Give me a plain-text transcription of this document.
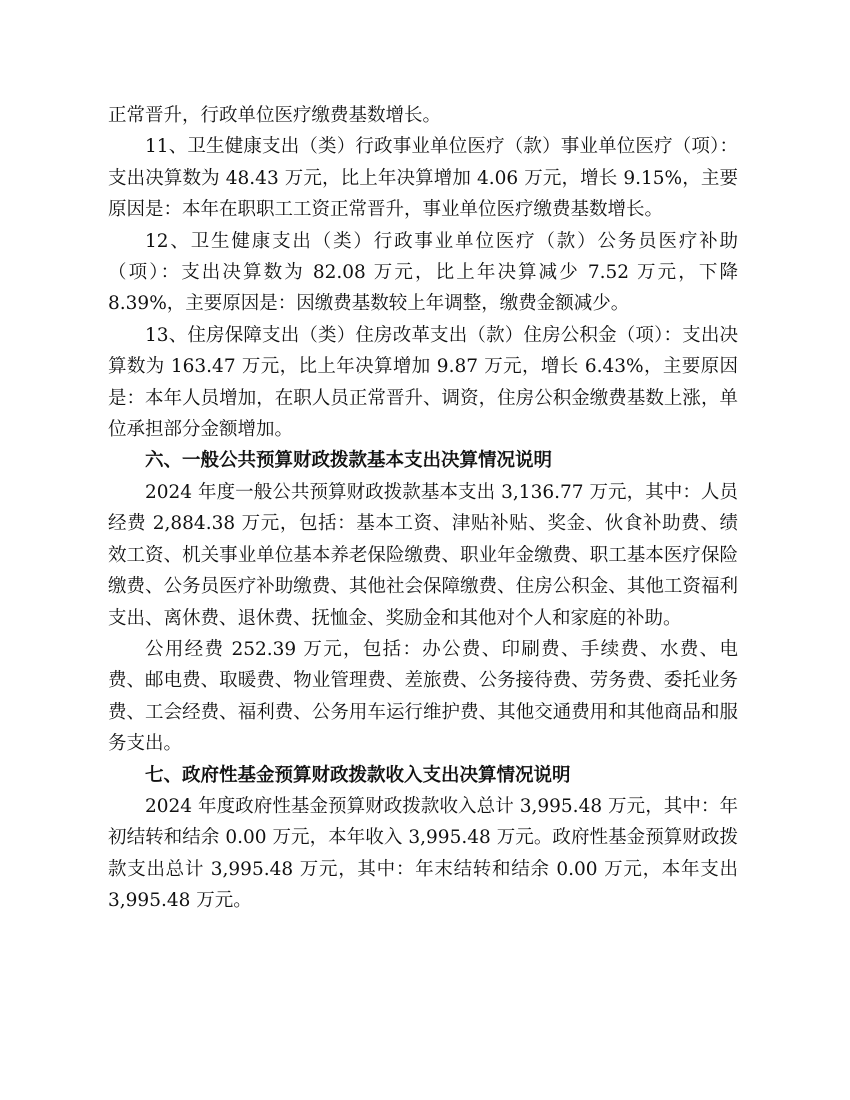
正常晋升，行政单位医疗缴费基数增长。

11、卫生健康支出（类）行政事业单位医疗（款）事业单位医疗（项）：支出决算数为 48.43 万元，比上年决算增加 4.06 万元，增长 9.15%，主要原因是：本年在职职工工资正常晋升，事业单位医疗缴费基数增长。

12、卫生健康支出（类）行政事业单位医疗（款）公务员医疗补助（项）：支出决算数为 82.08 万元，比上年决算减少 7.52 万元，下降 8.39%，主要原因是：因缴费基数较上年调整，缴费金额减少。

13、住房保障支出（类）住房改革支出（款）住房公积金（项）：支出决算数为 163.47 万元，比上年决算增加 9.87 万元，增长 6.43%，主要原因是：本年人员增加，在职人员正常晋升、调资，住房公积金缴费基数上涨，单位承担部分金额增加。

六、一般公共预算财政拨款基本支出决算情况说明

2024 年度一般公共预算财政拨款基本支出 3,136.77 万元，其中：人员经费 2,884.38 万元，包括：基本工资、津贴补贴、奖金、伙食补助费、绩效工资、机关事业单位基本养老保险缴费、职业年金缴费、职工基本医疗保险缴费、公务员医疗补助缴费、其他社会保障缴费、住房公积金、其他工资福利支出、离休费、退休费、抚恤金、奖励金和其他对个人和家庭的补助。

公用经费 252.39 万元，包括：办公费、印刷费、手续费、水费、电费、邮电费、取暖费、物业管理费、差旅费、公务接待费、劳务费、委托业务费、工会经费、福利费、公务用车运行维护费、其他交通费用和其他商品和服务支出。

七、政府性基金预算财政拨款收入支出决算情况说明

2024 年度政府性基金预算财政拨款收入总计 3,995.48 万元，其中：年初结转和结余 0.00 万元，本年收入 3,995.48 万元。政府性基金预算财政拨款支出总计 3,995.48 万元，其中：年末结转和结余 0.00 万元，本年支出 3,995.48 万元。
